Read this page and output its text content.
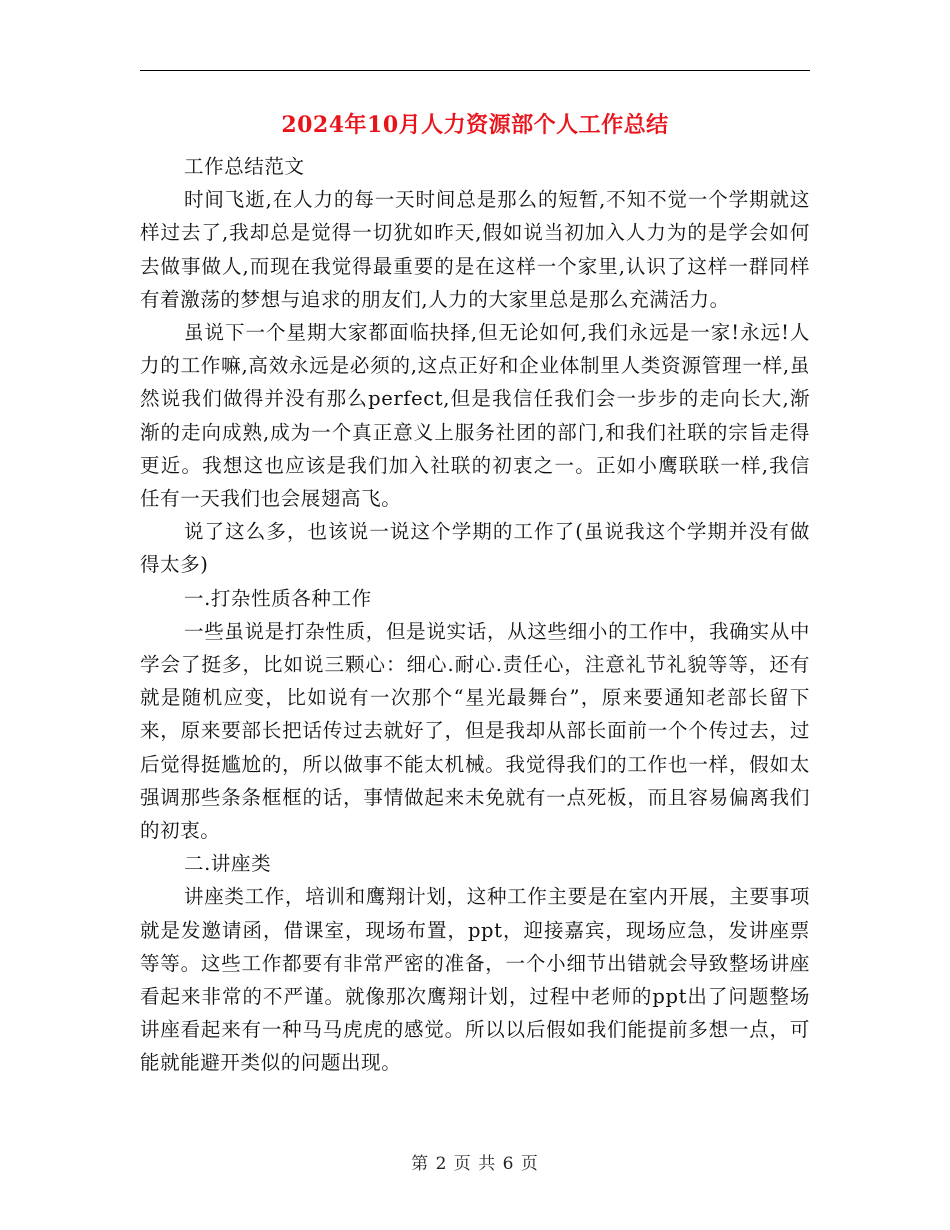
2024年10月人力资源部个人工作总结

工作总结范文

时间飞逝,在人力的每一天时间总是那么的短暂,不知不觉一个学期就这样过去了,我却总是觉得一切犹如昨天,假如说当初加入人力为的是学会如何去做事做人,而现在我觉得最重要的是在这样一个家里,认识了这样一群同样有着激荡的梦想与追求的朋友们,人力的大家里总是那么充满活力。

虽说下一个星期大家都面临抉择,但无论如何,我们永远是一家!永远!人力的工作嘛,高效永远是必须的,这点正好和企业体制里人类资源管理一样,虽然说我们做得并没有那么perfect,但是我信任我们会一步步的走向长大,渐渐的走向成熟,成为一个真正意义上服务社团的部门,和我们社联的宗旨走得更近。我想这也应该是我们加入社联的初衷之一。正如小鹰联联一样,我信任有一天我们也会展翅高飞。

说了这么多，也该说一说这个学期的工作了(虽说我这个学期并没有做得太多)

一.打杂性质各种工作

一些虽说是打杂性质，但是说实话，从这些细小的工作中，我确实从中学会了挺多，比如说三颗心：细心.耐心.责任心，注意礼节礼貌等等，还有就是随机应变，比如说有一次那个“星光最舞台”，原来要通知老部长留下来，原来要部长把话传过去就好了，但是我却从部长面前一个个传过去，过后觉得挺尴尬的，所以做事不能太机械。我觉得我们的工作也一样，假如太强调那些条条框框的话，事情做起来未免就有一点死板，而且容易偏离我们的初衷。

二.讲座类

讲座类工作，培训和鹰翔计划，这种工作主要是在室内开展，主要事项就是发邀请函，借课室，现场布置，ppt，迎接嘉宾，现场应急，发讲座票等等。这些工作都要有非常严密的准备，一个小细节出错就会导致整场讲座看起来非常的不严谨。就像那次鹰翔计划，过程中老师的ppt出了问题整场讲座看起来有一种马马虎虎的感觉。所以以后假如我们能提前多想一点，可能就能避开类似的问题出现。

第 2 页 共 6 页
